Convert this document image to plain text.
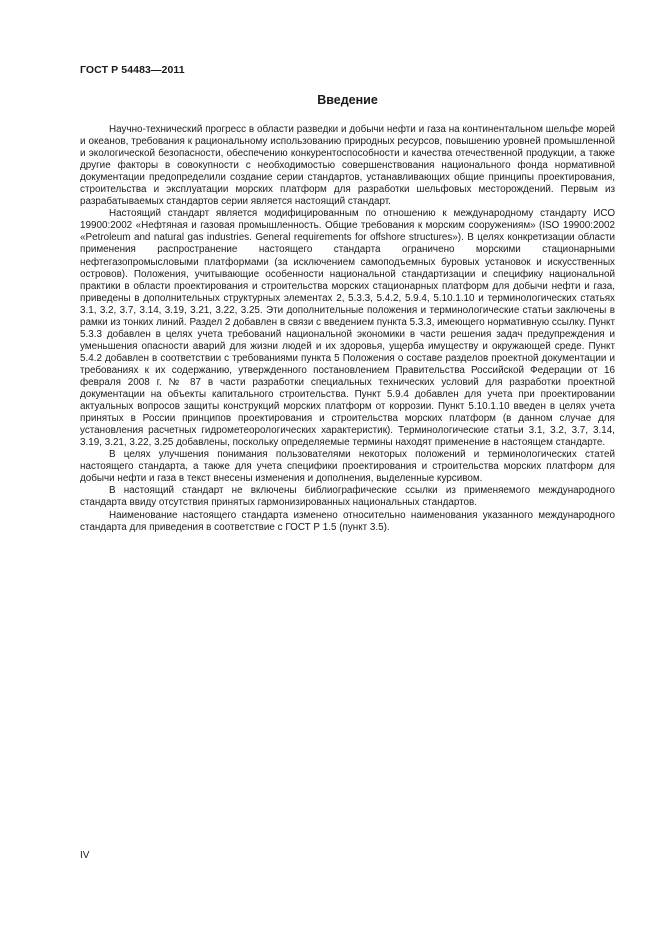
ГОСТ Р 54483—2011
Введение

Научно-технический прогресс в области разведки и добычи нефти и газа на континентальном шельфе морей и океанов, требования к рациональному использованию природных ресурсов, повышению уровней промышленной и экологической безопасности, обеспечению конкурентоспособности и качества отечественной продукции, а также другие факторы в совокупности с необходимостью совершенствования национального фонда нормативной документации предопределили создание серии стандартов, устанавливающих общие принципы проектирования, строительства и эксплуатации морских платформ для разработки шельфовых месторождений. Первым из разрабатываемых стандартов серии является настоящий стандарт.

Настоящий стандарт является модифицированным по отношению к международному стандарту ИСО 19900:2002 «Нефтяная и газовая промышленность. Общие требования к морским сооружениям» (ISO 19900:2002 «Petroleum and natural gas industries. General requirements for offshore structures»). В целях конкретизации области применения распространение настоящего стандарта ограничено морскими стационарными нефтегазопромысловыми платформами (за исключением самоподъемных буровых установок и искусственных островов). Положения, учитывающие особенности национальной стандартизации и специфику национальной практики в области проектирования и строительства морских стационарных платформ для добычи нефти и газа, приведены в дополнительных структурных элементах 2, 5.3.3, 5.4.2, 5.9.4, 5.10.1.10 и терминологических статьях 3.1, 3.2, 3.7, 3.14, 3.19, 3.21, 3.22, 3.25. Эти дополнительные положения и терминологические статьи заключены в рамки из тонких линий. Раздел 2 добавлен в связи с введением пункта 5.3.3, имеющего нормативную ссылку. Пункт 5.3.3 добавлен в целях учета требований национальной экономики в части решения задач предупреждения и уменьшения опасности аварий для жизни людей и их здоровья, ущерба имуществу и окружающей среде. Пункт 5.4.2 добавлен в соответствии с требованиями пункта 5 Положения о составе разделов проектной документации и требованиях к их содержанию, утвержденного постановлением Правительства Российской Федерации от 16 февраля 2008 г. № 87 в части разработки специальных технических условий для разработки проектной документации на объекты капитального строительства. Пункт 5.9.4 добавлен для учета при проектировании актуальных вопросов защиты конструкций морских платформ от коррозии. Пункт 5.10.1.10 введен в целях учета принятых в России принципов проектирования и строительства морских платформ (в данном случае для установления расчетных гидрометеорологических характеристик). Терминологические статьи 3.1, 3.2, 3.7, 3.14, 3.19, 3.21, 3.22, 3.25 добавлены, поскольку определяемые термины находят применение в настоящем стандарте.

В целях улучшения понимания пользователями некоторых положений и терминологических статей настоящего стандарта, а также для учета специфики проектирования и строительства морских платформ для добычи нефти и газа в текст внесены изменения и дополнения, выделенные курсивом.

В настоящий стандарт не включены библиографические ссылки из применяемого международного стандарта ввиду отсутствия принятых гармонизированных национальных стандартов.

Наименование настоящего стандарта изменено относительно наименования указанного международного стандарта для приведения в соответствие с ГОСТ Р 1.5 (пункт 3.5).

IV
